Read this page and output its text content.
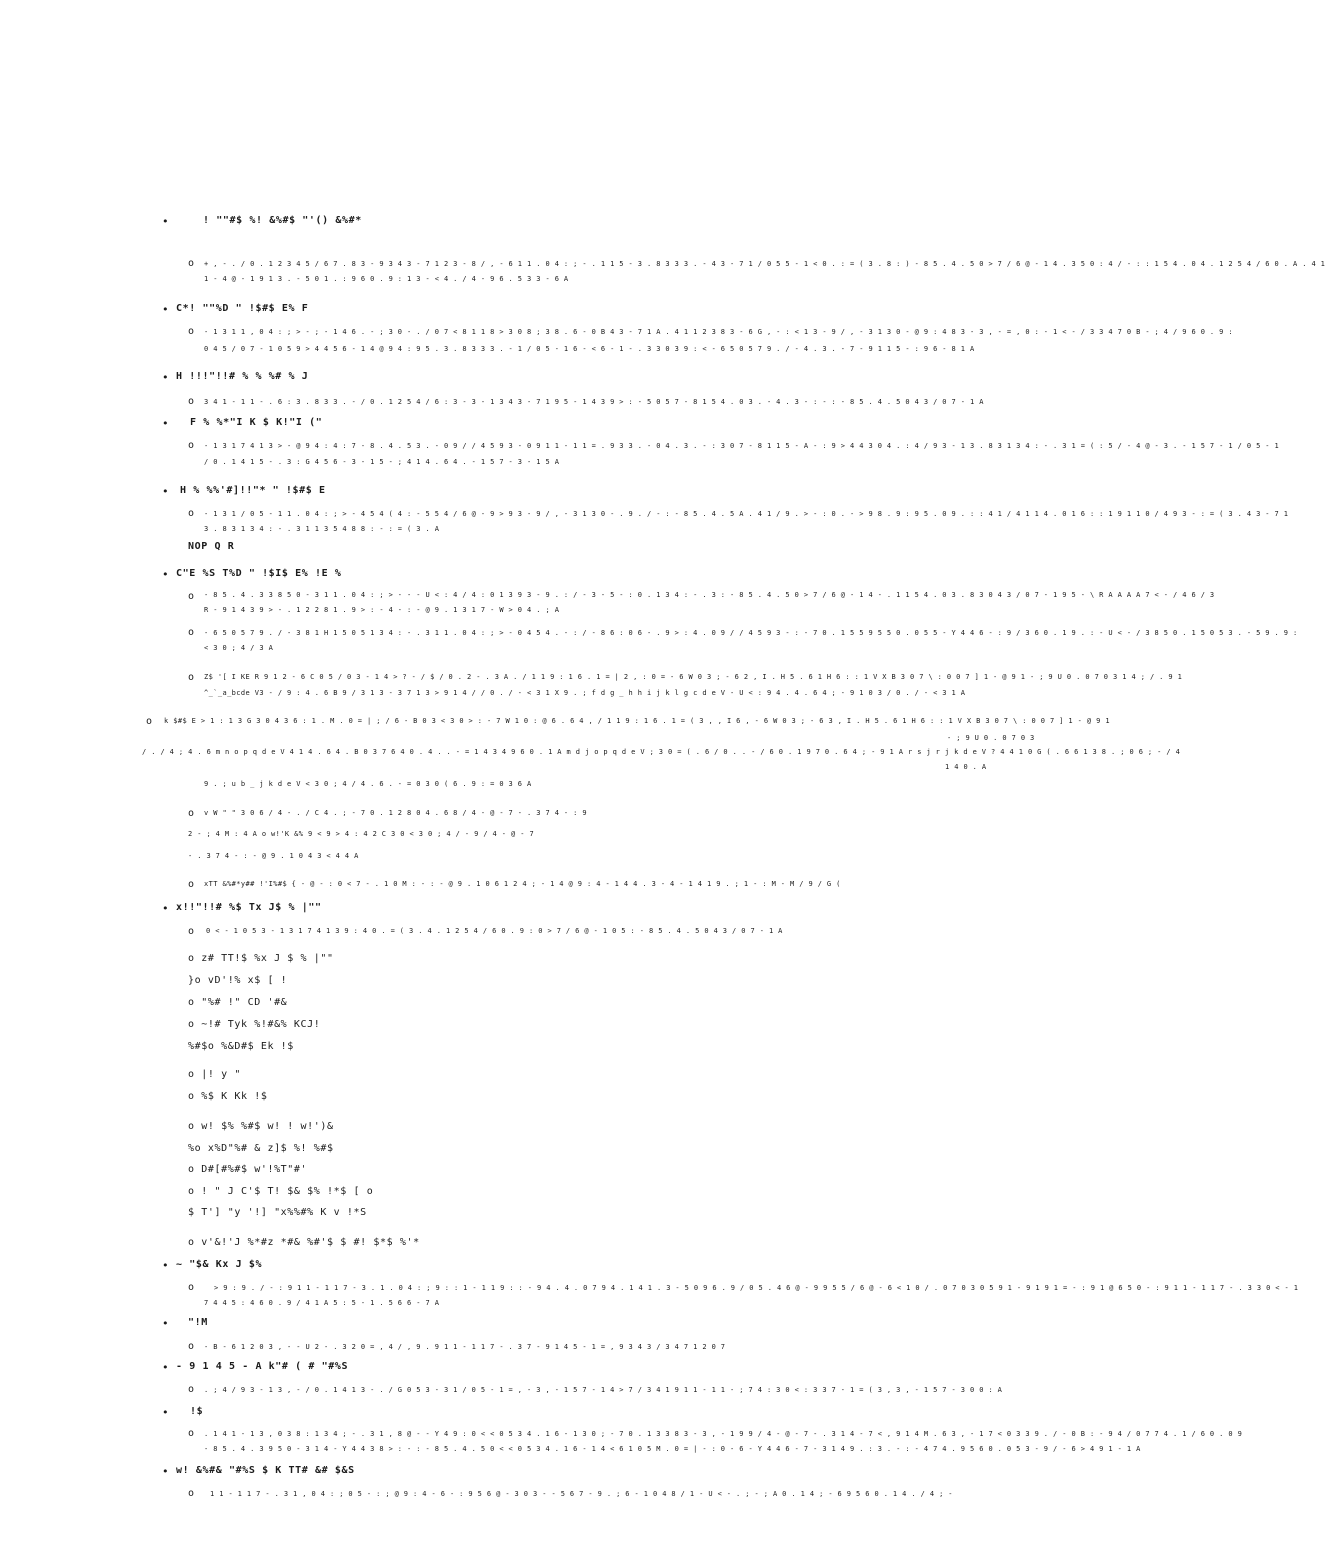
•	! ""#$ %! &%#$ "'() &%#*
o + , - . / 0 . 1 2 3 4 5 / 6 7 . 8 3 - 9 3 4 3 - 7 1 2 3 - 8 / , - 6 1 1 . 0 4 : ; - . 1 1 5 - 3 . 8 3 3 3 . - 4 3 - 7 1 / 0 5 5 - 1 < 0 . : = ( 3 . 8 : ) - 8 5 . 4 . 5 0 > 7 / 6 @ - 1 4 . 3 5 0 : 4 / - : : 1 5 4 . 0 4 . 1 2 5 4 / 6 0 . A . 4 1
1 - 4 @ - 1 9 1 3 . - 5 0 1 . : 9 6 0 . 9 : 1 3 - < 4 . / 4 - 9 6 . 5 3 3 - 6 A
• C*! ""%D " !$#$ E% F
o - 1 3 1 1 , 0 4 : ; > - ; - 1 4 6 . - ; 3 0 - . / 0 7 < 8 1 1 8 > 3 0 8 ; 3 8 . 6 - 0 B 4 3 - 7 1 A . 4 1 1 2 3 8 3 - 6 G , - : < 1 3 - 9 / , - 3 1 3 0 - @ 9 : 4 8 3 - 3 , - = , 0 : - 1 < - / 3 3 4 7 0 B - ; 4 / 9 6 0 . 9 :
0 4 5 / 0 7 - 1 0 5 9 > 4 4 5 6 - 1 4 @ 9 4 : 9 5 . 3 . 8 3 3 3 . - 1 / 0 5 - 1 6 - < 6 - 1 - . 3 3 0 3 9 : < - 6 5 0 5 7 9 . / - 4 . 3 . - 7 - 9 1 1 5 - : 9 6 - 8 1 A
• H !!!"!!# % % %# % J
o 3 4 1 - 1 1 - . 6 : 3 . 8 3 3 . - / 0 . 1 2 5 4 / 6 : 3 - 3 - 1 3 4 3 - 7 1 9 5 - 1 4 3 9 > : - 5 0 5 7 - 8 1 5 4 . 0 3 . - 4 . 3 - : - : - 8 5 . 4 . 5 0 4 3 / 0 7 - 1 A
• F % %*"I K $ K!"I ("
o - 1 3 1 7 4 1 3 > - @ 9 4 : 4 : 7 - 8 . 4 . 5 3 . - 0 9 / / 4 5 9 3 - 0 9 1 1 - 1 1 = . 9 3 3 . - 0 4 . 3 . - : 3 0 7 - 8 1 1 5 - A - : 9 > 4 4 3 0 4 . : 4 / 9 3 - 1 3 . 8 3 1 3 4 : - . 3 1 = ( : 5 / - 4 @ - 3 . - 1 5 7 - 1 / 0 5 - 1
/ 0 . 1 4 1 5 - . 3 : G 4 5 6 - 3 - 1 5 - ; 4 1 4 . 6 4 . - 1 5 7 - 3 - 1 5 A
• H % %%'#]!!"* " !$#$ E
o - 1 3 1 / 0 5 - 1 1 . 0 4 : ; > - 4 5 4 ( 4 : - 5 5 4 / 6 @ - 9 > 9 3 - 9 / , - 3 1 3 0 - . 9 . / - : - 8 5 . 4 . 5 A . 4 1 / 9 . > - : 0 . - > 9 8 . 9 : 9 5 . 0 9 . : : 4 1 / 4 1 1 4 . 0 1 6 : : 1 9 1 1 0 / 4 9 3 - : = ( 3 . 4 3 - 7 1
3 . 8 3 1 3 4 : - . 3 1 1 3 5 4 8 8 : - : = ( 3 . A
NOP Q R
• C"E %S T%D " !$I$ E% !E %
o - 8 5 . 4 . 3 3 8 5 0 - 3 1 1 . 0 4 : ; > - - - U < : 4 / 4 : 0 1 3 9 3 - 9 . : / - 3 - 5 - : 0 . 1 3 4 : - . 3 : - 8 5 . 4 . 5 0 > 7 / 6 @ - 1 4 - . 1 1 5 4 . 0 3 . 8 3 0 4 3 / 0 7 - 1 9 5 - \ R A A A A 7 < - / 4 6 / 3
R - 9 1 4 3 9 > - . 1 2 2 8 1 . 9 > : - 4 - : - @ 9 . 1 3 1 7 - W > 0 4 . ; A
o - 6 5 0 5 7 9 . / - 3 8 1 H 1 5 0 5 1 3 4 : - . 3 1 1 . 0 4 : ; > - 0 4 5 4 . - : / - 8 6 : 0 6 - . 9 > : 4 . 0 9 / / 4 5 9 3 - : - 7 0 . 1 5 5 9 5 5 0 . 0 5 5 - Y 4 4 6 - : 9 / 3 6 0 . 1 9 . : - U < - / 3 8 5 0 . 1 5 0 5 3 . - 5 9 . 9 :
< 3 0 ; 4 / 3 A
o Z$ '[ I KE R 9 1 2 - 6 C 0 5 / 0 3 - 1 4 > ? - / $ / 0 . 2 - . 3 A . / 1 1 9 : 1 6 . 1 = | 2 , : 0 = - 6 W 0 3 ; - 6 2 , I . H 5 . 6 1 H 6 : : 1 V X B 3 0 7 \ : 0 0 7 ] 1 - @ 9 1 - ; 9 U 0 . 0 7 0 3 1 4 ; / . 9 1
^_`_a_bcde V3 - / 9 : 4 . 6 B 9 / 3 1 3 - 3 7 1 3 > 9 1 4 / / 0 . / - < 3 1 X 9 . ; f d g _ h h i j k l g c d e V - U < : 9 4 . 4 . 6 4 ; - 9 1 0 3 / 0 . / - < 3 1 A
o k $#$ E > 1 : 1 3 G 3 0 4 3 6 : 1 . M . 0 = | ; / 6 - B 0 3 < 3 0 > : - 7 W 1 0 : @ 6 . 6 4 , / 1 1 9 : 1 6 . 1 = ( 3 , , I 6 , - 6 W 0 3 ; - 6 3 , I . H 5 . 6 1 H 6 : : 1 V X B 3 0 7 \ : 0 0 7 ] 1 - @ 9 1
- ; 9 U 0 . 0 7 0 3
/ . / 4 ; 4 . 6 m n o p q d e V 4 1 4 . 6 4 . B 0 3 7 6 4 0 . 4 . . - = 1 4 3 4 9 6 0 . 1 A m d j o p q d e V ; 3 0 = ( . 6 / 0 . . - / 6 0 . 1 9 7 0 . 6 4 ; - 9 1 A r s j r j k d e V ? 4 4 1 0 G ( . 6 6 1 3 8 . ; 0 6 ; - / 4
1 4 0 . A
9 . ; u b _ j k d e V < 3 0 ; 4 / 4 . 6 . - = 0 3 0 ( 6 . 9 : = 0 3 6 A
o v W " " 3 0 6 / 4 - . / C 4 . ; - 7 0 . 1 2 8 0 4 . 6 8 / 4 - @ - 7 - . 3 7 4 - : 9
2 - ; 4 M : 4 A o w!'K &% 9 < 9 > 4 : 4 2 C 3 0 < 3 0 ; 4 / - 9 / 4 - @ - 7
- . 3 7 4 - : - @ 9 . 1 0 4 3 < 4 4 A
o xTT &%#*y## !'I%#$ { - @ - : 0 < 7 - . 1 0 M : - : - @ 9 . 1 0 6 1 2 4 ; - 1 4 @ 9 : 4 - 1 4 4 . 3 - 4 - 1 4 1 9 . ; 1 - : M - M / 9 / G (
• x!!"!!# %$ Tx J$ % |""
o 0 < - 1 0 5 3 - 1 3 1 7 4 1 3 9 : 4 0 . = ( 3 . 4 . 1 2 5 4 / 6 0 . 9 : 0 > 7 / 6 @ - 1 0 5 : - 8 5 . 4 . 5 0 4 3 / 0 7 - 1 A
o z# TT!$ %x J $ % |""
}o vD'!% x$ [ !
o "%# !" CD '#&
o ~!# Tyk %!#&% KCJ!
%#$o %&D#$ Ek !$
o |! y "
o %$ K Kk !$
o w! $% %#$ w! ! w!')&
%o x%D"%# & z]$ %! %#$
o D#[#%#$ w'!%T"#'
o ! " J C'$ T! $& $% !*$ [ o
$ T'] "y '!] "x%%#% K v !*S
o v'&!'J %*#z *#& %#'$ $ #! $*$ %'*
• ~ "$& Kx J $%
o	> 9 : 9 . / - : 9 1 1 - 1 1 7 - 3 . 1 . 0 4 : ; 9 : : 1 - 1 1 9 : : - 9 4 . 4 . 0 7 9 4 . 1 4 1 . 3 - 5 0 9 6 . 9 / 0 5 . 4 6 @ - 9 9 5 5 / 6 @ - 6 < 1 0 / . 0 7 0 3 0 5 9 1 - 9 1 9 1 = - : 9 1 @ 6 5 0 - : 9 1 1 - 1 1 7 - . 3 3 0 < - 1
7 4 4 5 : 4 6 0 . 9 / 4 1 A 5 : 5 - 1 . 5 6 6 - 7 A
• "!M
o - B - 6 1 2 0 3 , - - U 2 - . 3 2 0 = , 4 / , 9 . 9 1 1 - 1 1 7 - . 3 7 - 9 1 4 5 - 1 = , 9 3 4 3 / 3 4 7 1 2 0 7
• - 9 1 4 5 - A k"# ( # "#%S
o . ; 4 / 9 3 - 1 3 , - / 0 . 1 4 1 3 - . / G 0 5 3 - 3 1 / 0 5 - 1 = , - 3 , - 1 5 7 - 1 4 > 7 / 3 4 1 9 1 1 - 1 1 - ; 7 4 : 3 0 < : 3 3 7 - 1 = ( 3 , 3 , - 1 5 7 - 3 0 0 : A
• !$
o . 1 4 1 - 1 3 , 0 3 8 : 1 3 4 ; - . 3 1 , 8 @ - - Y 4 9 : 0 < < 0 5 3 4 . 1 6 - 1 3 0 ; - 7 0 . 1 3 3 8 3 - 3 , - 1 9 9 / 4 - @ - 7 - . 3 1 4 - 7 < , 9 1 4 M . 6 3 , - 1 7 < 0 3 3 9 . / - 0 B : - 9 4 / 0 7 7 4 . 1 / 6 0 . 0 9
- 8 5 . 4 . 3 9 5 0 - 3 1 4 - Y 4 4 3 8 > : - : - 8 5 . 4 . 5 0 < < 0 5 3 4 . 1 6 - 1 4 < 6 1 0 5 M . 0 = | - : 0 - 6 - Y 4 4 6 - 7 - 3 1 4 9 . : 3 . - : - 4 7 4 . 9 5 6 0 . 0 5 3 - 9 / - 6 > 4 9 1 - 1 A
• w! &%#& "#%S $ K TT# &# $&S
o 1 1 - 1 1 7 - . 3 1 , 0 4 : ; 0 5 - : ; @ 9 : 4 - 6 - : 9 5 6 @ - 3 0 3 - - 5 6 7 - 9 . ; 6 - 1 0 4 8 / 1 - U < - . ; - ; A 0 . 1 4 ; - 6 9 5 6 0 . 1 4 . / 4 ; -
